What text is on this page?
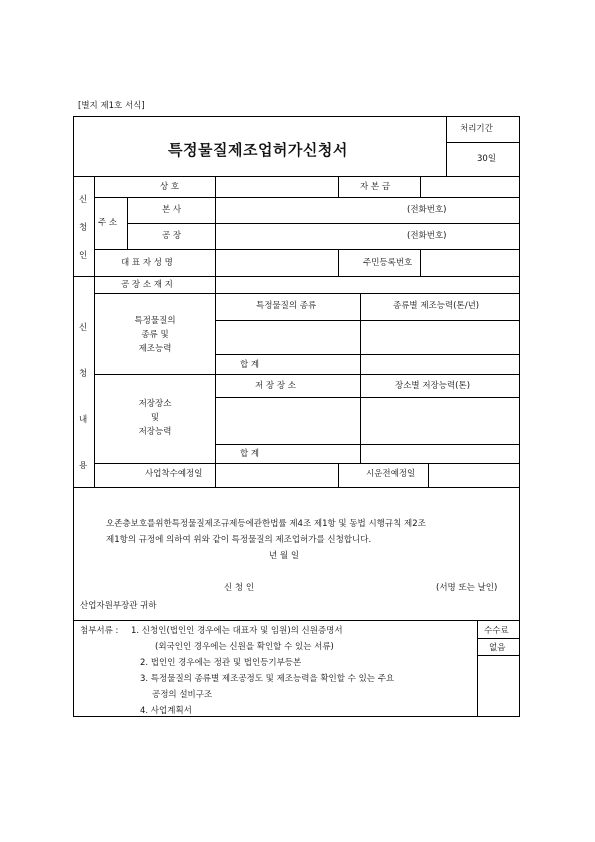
[별지 제1호 서식]
특정물질제조업허가신청서
처리기간
30일
신
청
인
상 호	자 본 금
주 소
본 사	(전화번호)
공 장	(전화번호)
대 표 자 성 명	주민등록번호
신
청
내
용
공 장 소 재 지
특정물질의
종류 및
제조능력
특정물질의 종류	종류별 제조능력(톤/년)
합 계
저장장소
및
저장능력
저 장 장 소	장소별 저장능력(톤)
합 계
사업착수예정일	시운전예정일
오존층보호를위한특정물질제조규제등에관한법률 제4조 제1항 및 동법 시행규칙 제2조
제1항의 규정에 의하여 위와 같이 특정물질의 제조업허가를 신청합니다.
년 월 일
신 청 인	(서명 또는 날인)
산업자원부장관 귀하
수수료
없음
첨부서류 : 1. 신청인(법인인 경우에는 대표자 및 임원)의 신원증명서
(외국인인 경우에는 신원을 확인할 수 있는 서류)
2. 법인인 경우에는 정관 및 법인등기부등본
3. 특정물질의 종류별 제조공정도 및 제조능력을 확인할 수 있는 주요
공정의 설비구조
4. 사업계획서
